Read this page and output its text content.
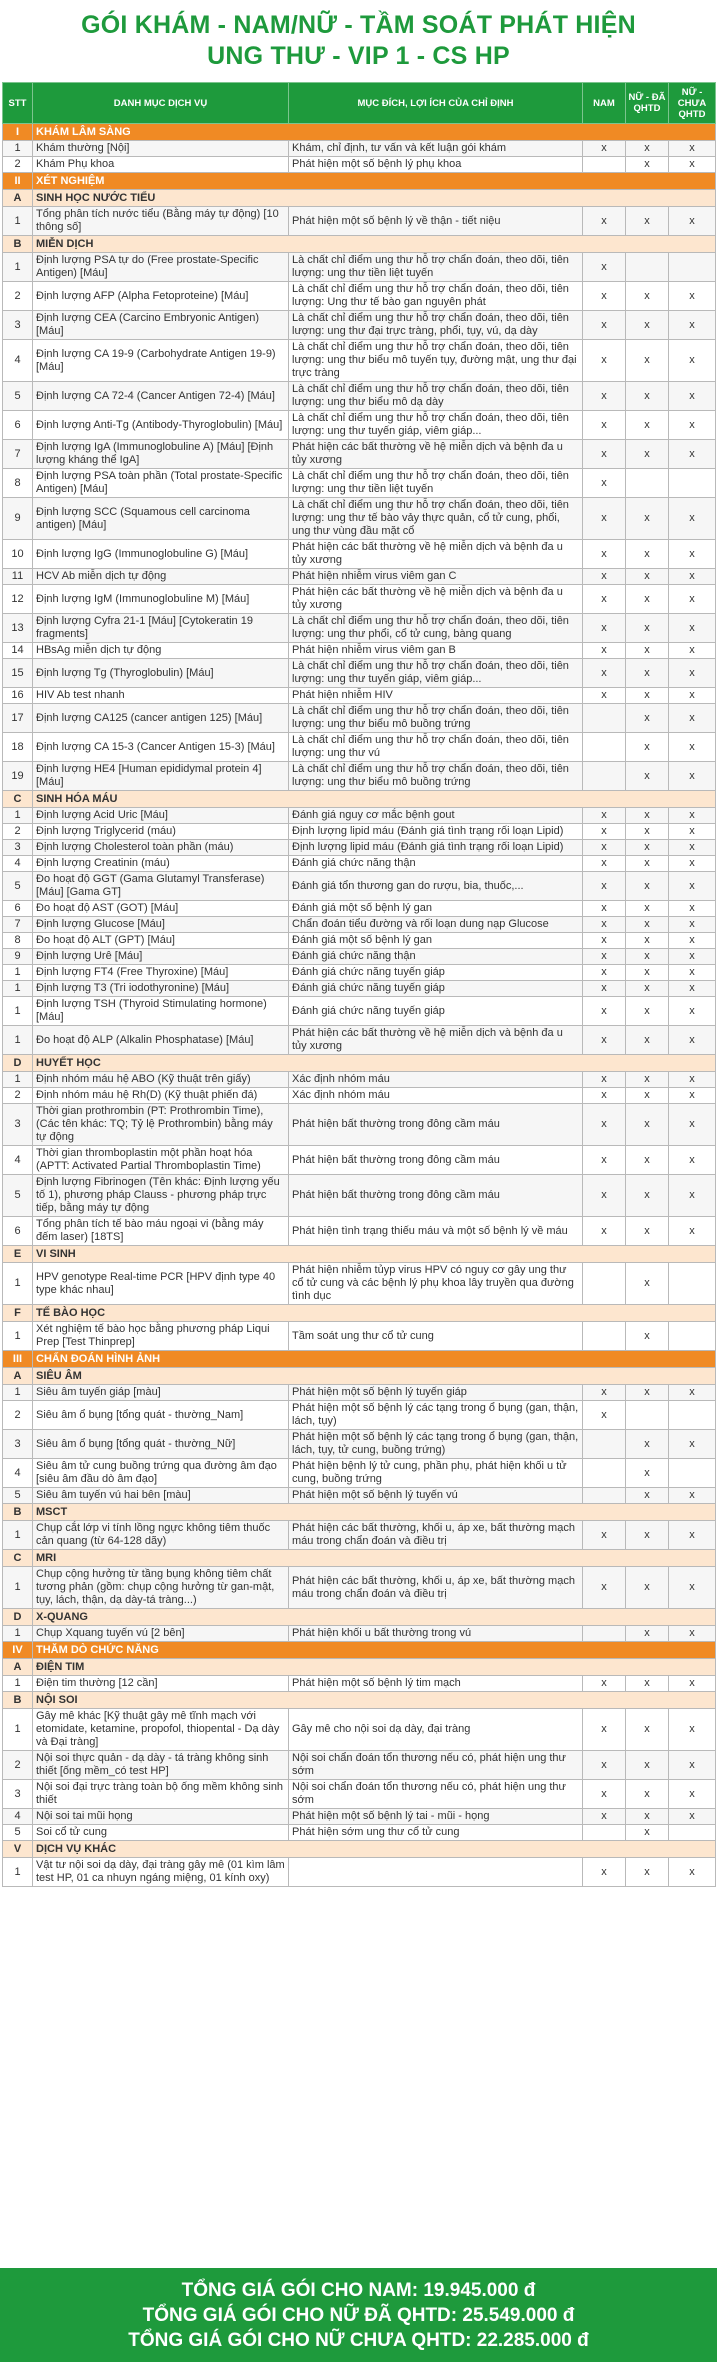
GÓI KHÁM - NAM/NỮ - TẦM SOÁT PHÁT HIỆN
UNG THƯ - VIP 1 - CS HP
STT	DANH MỤC DỊCH VỤ	MỤC ĐÍCH, LỢI ÍCH CỦA CHỈ ĐỊNH	NAM	NỮ - ĐÃ QHTD	NỮ - CHƯA QHTD
I	KHÁM LÂM SÀNG				
1	Khám thường [Nội]	Khám, chỉ định, tư vấn và kết luận gói khám	x	x	x
2	Khám Phụ khoa	Phát hiện một số bệnh lý phụ khoa		x	x
II	XÉT NGHIỆM				
A	SINH HỌC NƯỚC TIỂU				
1	Tổng phân tích nước tiểu (Bằng máy tự động) [10 thông số]	Phát hiện một số bệnh lý về thận - tiết niệu	x	x	x
B	MIỄN DỊCH				
1	Định lượng PSA tự do (Free prostate-Specific Antigen) [Máu]	Là chất chỉ điểm ung thư hỗ trợ chẩn đoán, theo dõi, tiên lượng: ung thư tiền liệt tuyến	x		
2	Định lượng AFP (Alpha Fetoproteine) [Máu]	Là chất chỉ điểm ung thư hỗ trợ chẩn đoán, theo dõi, tiên lượng: Ung thư tế bào gan nguyên phát	x	x	x
3	Định lượng CEA (Carcino Embryonic Antigen) [Máu]	Là chất chỉ điểm ung thư hỗ trợ chẩn đoán, theo dõi, tiên lượng: ung thư đại trực tràng, phổi, tụy, vú, dạ dày	x	x	x
4	Định lượng CA 19-9 (Carbohydrate Antigen 19-9) [Máu]	Là chất chỉ điểm ung thư hỗ trợ chẩn đoán, theo dõi, tiên lượng: ung thư biểu mô tuyến tụy, đường mật, ung thư đại trực tràng	x	x	x
5	Định lượng CA 72-4 (Cancer Antigen 72-4) [Máu]	Là chất chỉ điểm ung thư hỗ trợ chẩn đoán, theo dõi, tiên lượng: ung thư biểu mô dạ dày	x	x	x
6	Định lượng Anti-Tg (Antibody-Thyroglobulin) [Máu]	Là chất chỉ điểm ung thư hỗ trợ chẩn đoán, theo dõi, tiên lượng: ung thư tuyến giáp, viêm giáp...	x	x	x
7	Định lượng IgA (Immunoglobuline A) [Máu] [Định lượng kháng thể IgA]	Phát hiện các bất thường về hệ miễn dịch và bệnh đa u tủy xương	x	x	x
8	Định lượng PSA toàn phần (Total prostate-Specific Antigen) [Máu]	Là chất chỉ điểm ung thư hỗ trợ chẩn đoán, theo dõi, tiên lượng: ung thư tiền liệt tuyến	x		
9	Định lượng SCC (Squamous cell carcinoma antigen) [Máu]	Là chất chỉ điểm ung thư hỗ trợ chẩn đoán, theo dõi, tiên lượng: ung thư tế bào vảy thực quản, cổ tử cung, phổi, ung thư vùng đầu mặt cổ	x	x	x
10	Định lượng IgG (Immunoglobuline G) [Máu]	Phát hiện các bất thường về hệ miễn dịch và bệnh đa u tủy xương	x	x	x
11	HCV Ab miễn dịch tự động	Phát hiện nhiễm virus viêm gan C	x	x	x
12	Định lượng IgM (Immunoglobuline M) [Máu]	Phát hiện các bất thường về hệ miễn dịch và bệnh đa u tủy xương	x	x	x
13	Định lượng Cyfra 21-1 [Máu] [Cytokeratin 19 fragments]	Là chất chỉ điểm ung thư hỗ trợ chẩn đoán, theo dõi, tiên lượng: ung thư phổi, cổ tử cung, bàng quang	x	x	x
14	HBsAg miễn dịch tự động	Phát hiện nhiễm virus viêm gan B	x	x	x
15	Định lượng Tg (Thyroglobulin) [Máu]	Là chất chỉ điểm ung thư hỗ trợ chẩn đoán, theo dõi, tiên lượng: ung thư tuyến giáp, viêm giáp...	x	x	x
16	HIV Ab test nhanh	Phát hiện nhiễm HIV	x	x	x
17	Định lượng CA125 (cancer antigen 125) [Máu]	Là chất chỉ điểm ung thư hỗ trợ chẩn đoán, theo dõi, tiên lượng: ung thư biểu mô buồng trứng		x	x
18	Định lượng CA 15-3 (Cancer Antigen 15-3) [Máu]	Là chất chỉ điểm ung thư hỗ trợ chẩn đoán, theo dõi, tiên lượng: ung thư vú		x	x
19	Định lượng HE4 [Human epididymal protein 4] [Máu]	Là chất chỉ điểm ung thư hỗ trợ chẩn đoán, theo dõi, tiên lượng: ung thư biểu mô buồng trứng		x	x
C	SINH HÓA MÁU				
1	Định lượng Acid Uric [Máu]	Đánh giá nguy cơ mắc bệnh gout	x	x	x
2	Định lượng Triglycerid (máu)	Định lượng lipid máu (Đánh giá tình trạng rối loạn Lipid)	x	x	x
3	Định lượng Cholesterol toàn phần (máu)	Định lượng lipid máu (Đánh giá tình trạng rối loạn Lipid)	x	x	x
4	Định lượng Creatinin (máu)	Đánh giá chức năng thận	x	x	x
5	Đo hoạt độ GGT (Gama Glutamyl Transferase) [Máu] [Gama GT]	Đánh giá tổn thương gan do rượu, bia, thuốc,...	x	x	x
6	Đo hoạt độ AST (GOT) [Máu]	Đánh giá một số bệnh lý gan	x	x	x
7	Định lượng Glucose [Máu]	Chẩn đoán tiểu đường và rối loạn dung nạp Glucose	x	x	x
8	Đo hoạt độ ALT (GPT) [Máu]	Đánh giá một số bệnh lý gan	x	x	x
9	Định lượng Urê [Máu]	Đánh giá chức năng thận	x	x	x
1	Định lượng FT4 (Free Thyroxine) [Máu]	Đánh giá chức năng tuyến giáp	x	x	x
1	Định lượng T3 (Tri iodothyronine) [Máu]	Đánh giá chức năng tuyến giáp	x	x	x
1	Định lượng TSH (Thyroid Stimulating hormone) [Máu]	Đánh giá chức năng tuyến giáp	x	x	x
1	Đo hoạt độ ALP (Alkalin Phosphatase) [Máu]	Phát hiện các bất thường về hệ miễn dịch và bệnh đa u tủy xương	x	x	x
D	HUYẾT HỌC				
1	Định nhóm máu hệ ABO (Kỹ thuật trên giấy)	Xác định nhóm máu	x	x	x
2	Định nhóm máu hệ Rh(D) (Kỹ thuật phiến đá)	Xác định nhóm máu	x	x	x
3	Thời gian prothrombin (PT: Prothrombin Time), (Các tên khác: TQ; Tỷ lệ Prothrombin) bằng máy tự động	Phát hiện bất thường trong đông cầm máu	x	x	x
4	Thời gian thromboplastin một phần hoạt hóa (APTT: Activated Partial Thromboplastin Time)	Phát hiện bất thường trong đông cầm máu	x	x	x
5	Định lượng Fibrinogen (Tên khác: Định lượng yếu tố 1), phương pháp Clauss - phương pháp trực tiếp, bằng máy tự động	Phát hiện bất thường trong đông cầm máu	x	x	x
6	Tổng phân tích tế bào máu ngoại vi (bằng máy đếm laser) [18TS]	Phát hiện tình trạng thiếu máu và một số bệnh lý về máu	x	x	x
E	VI SINH				
1	HPV genotype Real-time PCR [HPV định type 40 type khác nhau]	Phát hiện nhiễm tủyp virus HPV có nguy cơ gây ung thư cổ tử cung và các bệnh lý phụ khoa lây truyền qua đường tình dục		x	
F	TẾ BÀO HỌC				
1	Xét nghiệm tế bào học bằng phương pháp Liqui Prep [Test Thinprep]	Tầm soát ung thư cổ tử cung		x	
III	CHẨN ĐOÁN HÌNH ẢNH				
A	SIÊU ÂM				
1	Siêu âm tuyến giáp [màu]	Phát hiện một số bệnh lý tuyến giáp	x	x	x
2	Siêu âm ổ bụng [tổng quát - thường_Nam]	Phát hiện một số bệnh lý các tạng trong ổ bụng (gan, thận, lách, tụy)	x		
3	Siêu âm ổ bụng [tổng quát - thường_Nữ]	Phát hiện một số bệnh lý các tạng trong ổ bụng (gan, thận, lách, tụy, tử cung, buồng trứng)		x	x
4	Siêu âm tử cung buồng trứng qua đường âm đạo [siêu âm đầu dò âm đạo]	Phát hiện bệnh lý tử cung, phần phụ, phát hiện khối u tử cung, buồng trứng		x	
5	Siêu âm tuyến vú hai bên [màu]	Phát hiện một số bệnh lý tuyến vú		x	x
B	MSCT				
1	Chụp cắt lớp vi tính lồng ngực không tiêm thuốc cản quang (từ 64-128 dãy)	Phát hiện các bất thường, khối u, áp xe, bất thường mạch máu trong chẩn đoán và điều trị	x	x	x
C	MRI				
1	Chụp cộng hưởng từ tầng bụng không tiêm chất tương phản (gồm: chụp cộng hưởng từ gan-mật, tụy, lách, thận, dạ dày-tá tràng...)	Phát hiện các bất thường, khối u, áp xe, bất thường mạch máu trong chẩn đoán và điều trị	x	x	x
D	X-QUANG				
1	Chụp Xquang tuyến vú [2 bên]	Phát hiện khối u bất thường trong vú		x	x
IV	THĂM DÒ CHỨC NĂNG				
A	ĐIỆN TIM				
1	Điện tim thường [12 cần]	Phát hiện một số bệnh lý tim mạch	x	x	x
B	NỘI SOI				
1	Gây mê khác [Kỹ thuật gây mê tĩnh mạch với etomidate, ketamine, propofol, thiopental - Dạ dày và Đại tràng]	Gây mê cho nội soi dạ dày, đại tràng	x	x	x
2	Nội soi thực quản - dạ dày - tá tràng không sinh thiết [ống mềm_có test HP]	Nội soi chẩn đoán tổn thương nếu có, phát hiện ung thư sớm	x	x	x
3	Nội soi đại trực tràng toàn bộ ống mềm không sinh thiết	Nội soi chẩn đoán tổn thương nếu có, phát hiện ung thư sớm	x	x	x
4	Nội soi tai mũi họng	Phát hiện một số bệnh lý tai - mũi - họng	x	x	x
5	Soi cổ tử cung	Phát hiện sớm ung thư cổ tử cung		x	
V	DỊCH VỤ KHÁC				
1	Vật tư nội soi dạ dày, đại tràng gây mê (01 kìm lâm test HP, 01 ca nhuyn ngáng miệng, 01 kính oxy)		x	x	x
TỔNG GIÁ GÓI CHO NAM: 19.945.000 đ
TỔNG GIÁ GÓI CHO NỮ ĐÃ QHTD: 25.549.000 đ
TỔNG GIÁ GÓI CHO NỮ CHƯA QHTD: 22.285.000 đ
